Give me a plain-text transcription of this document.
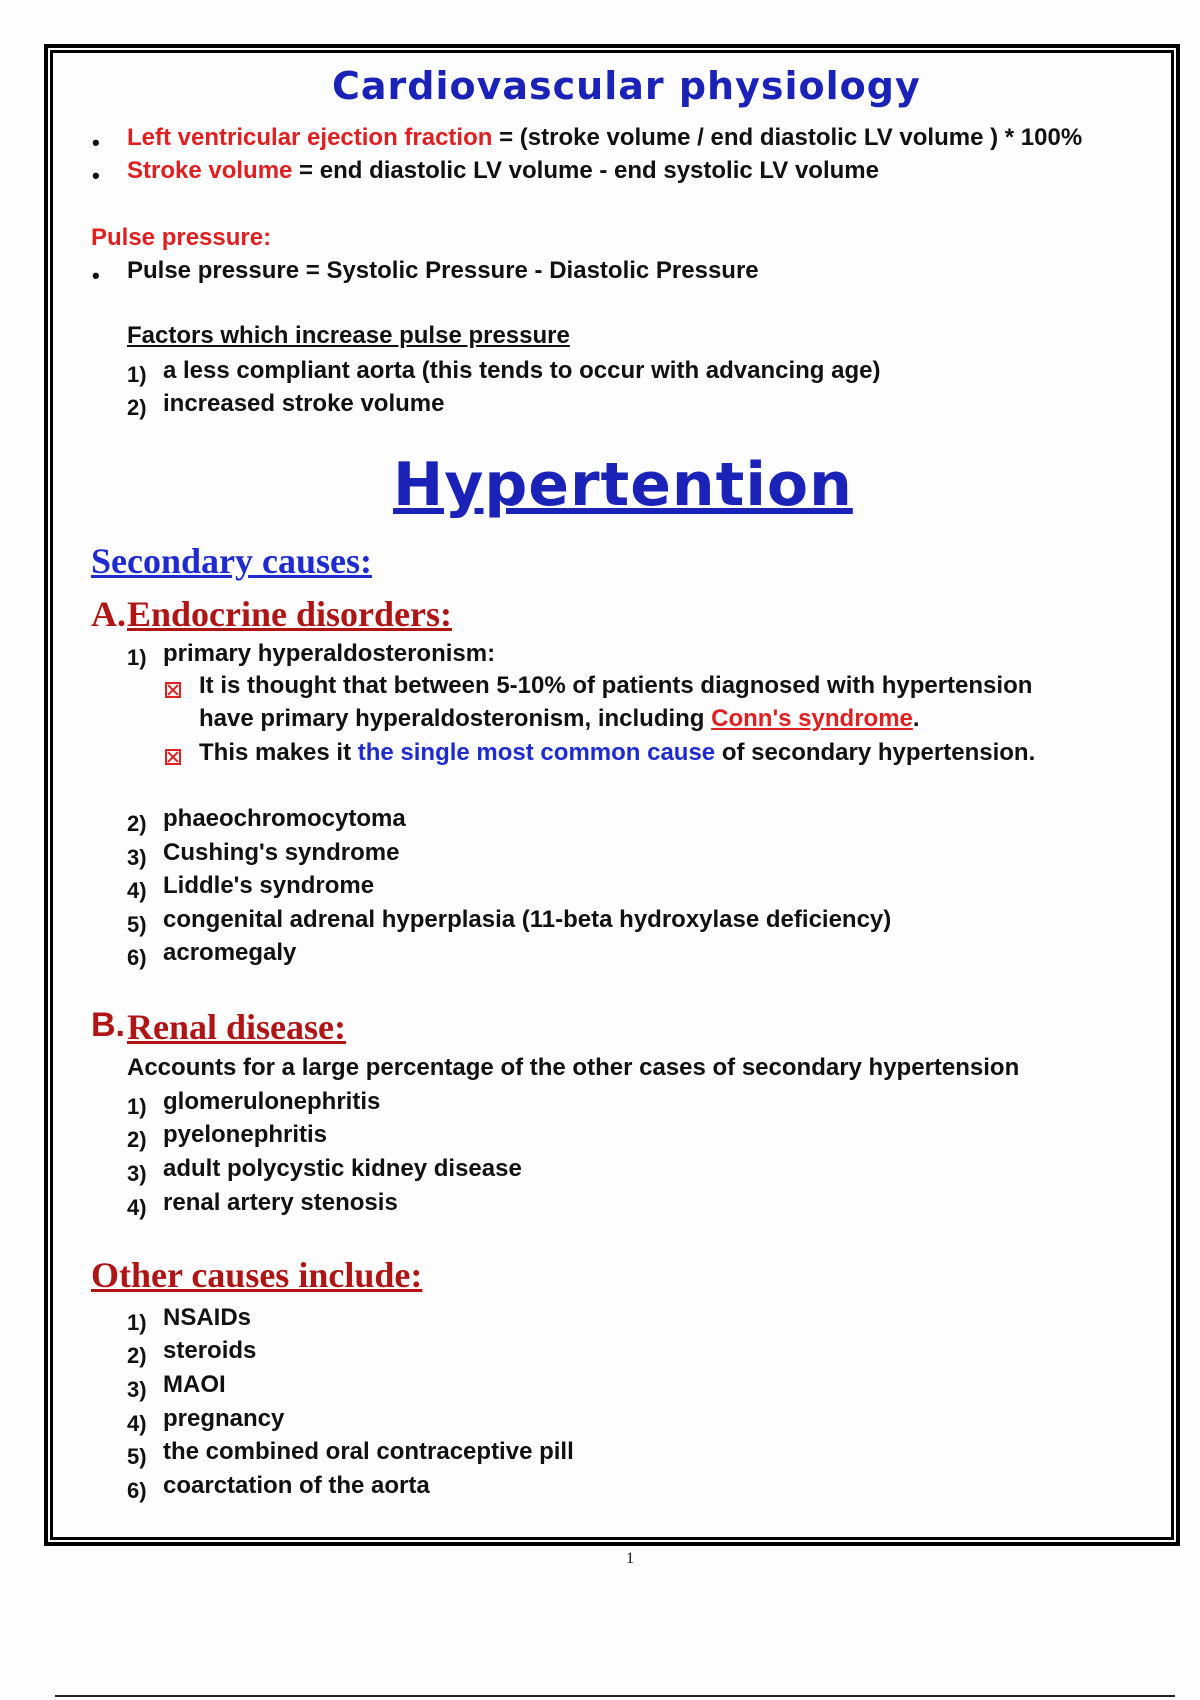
Cardiovascular physiology
• Left ventricular ejection fraction = (stroke volume / end diastolic LV volume ) * 100%
• Stroke volume = end diastolic LV volume - end systolic LV volume
Pulse pressure:
• Pulse pressure = Systolic Pressure - Diastolic Pressure
Factors which increase pulse pressure
1) a less compliant aorta (this tends to occur with advancing age)
2) increased stroke volume
Hypertention
Secondary causes:
A. Endocrine disorders:
1) primary hyperaldosteronism:
It is thought that between 5-10% of patients diagnosed with hypertension
have primary hyperaldosteronism, including Conn's syndrome.
This makes it the single most common cause of secondary hypertension.
2) phaeochromocytoma
3) Cushing's syndrome
4) Liddle's syndrome
5) congenital adrenal hyperplasia (11-beta hydroxylase deficiency)
6) acromegaly
B. Renal disease:
Accounts for a large percentage of the other cases of secondary hypertension
1) glomerulonephritis
2) pyelonephritis
3) adult polycystic kidney disease
4) renal artery stenosis
Other causes include:
1) NSAIDs
2) steroids
3) MAOI
4) pregnancy
5) the combined oral contraceptive pill
6) coarctation of the aorta
1
